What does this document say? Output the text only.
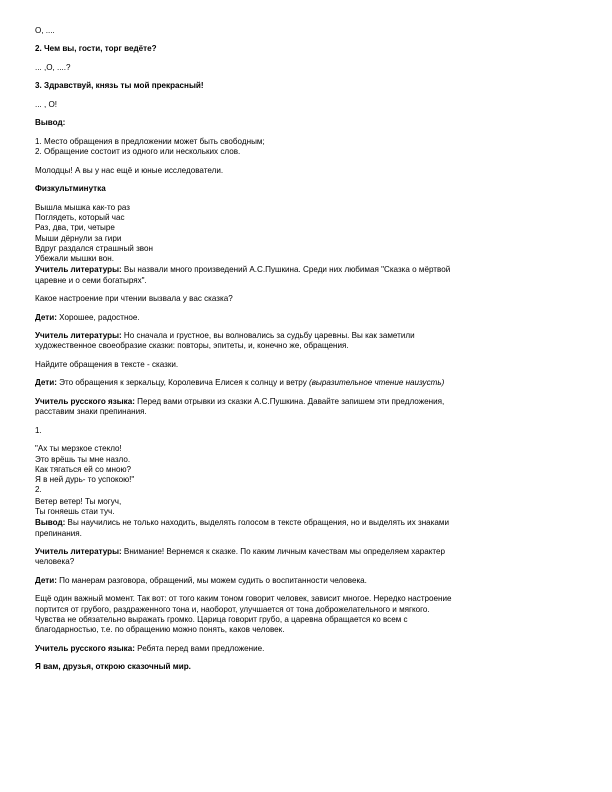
О, ....
2. Чем вы, гости, торг ведёте?
... ,О, ....?
3. Здравствуй, князь ты мой прекрасный!
... , О!
Вывод:
1. Место обращения в предложении может быть свободным;
2. Обращение состоит из одного или нескольких слов.
Молодцы! А вы у нас ещё и юные исследователи.
Физкультминутка
Вышла мышка как-то раз
Поглядеть, который час
Раз, два, три, четыре
Мыши дёрнули за гири
Вдруг раздался страшный звон
Убежали мышки вон.
Учитель литературы: Вы назвали много произведений А.С.Пушкина. Среди них любимая "Сказка о мёртвой
царевне и о семи богатырях".
Какое настроение при чтении вызвала у вас сказка?
Дети: Хорошее, радостное.
Учитель литературы: Но сначала и грустное, вы волновались за судьбу царевны. Вы как заметили
художественное своеобразие сказки: повторы, эпитеты, и, конечно же, обращения.
Найдите обращения в тексте - сказки.
Дети: Это обращения к зеркальцу, Королевича Елисея к солнцу и ветру (выразительное чтение наизусть)
Учитель русского языка: Перед вами отрывки из сказки А.С.Пушкина. Давайте запишем эти предложения,
расставим знаки препинания.
1.
"Ах ты мерзкое стекло!
Это врёшь ты мне назло.
Как тягаться ей со мною?
Я в ней дурь- то успокою!"
2.
Ветер ветер! Ты могуч,
Ты гоняешь стаи туч.
Вывод: Вы научились не только находить, выделять голосом в тексте обращения, но и выделять их знаками
препинания.
Учитель литературы: Внимание! Вернемся к сказке. По каким личным качествам мы определяем характер
человека?
Дети: По манерам разговора, обращений, мы можем судить о воспитанности человека.
Ещё один важный момент. Так вот: от того каким тоном говорит человек, зависит многое. Нередко настроение
портится от грубого, раздраженного тона и, наоборот, улучшается от тона доброжелательного и мягкого.
Чувства не обязательно выражать громко. Царица говорит грубо, а царевна обращается ко всем с
благодарностью, т.е. по обращению можно понять, каков человек.
Учитель русского языка: Ребята перед вами предложение.
Я вам, друзья, открою сказочный мир.
